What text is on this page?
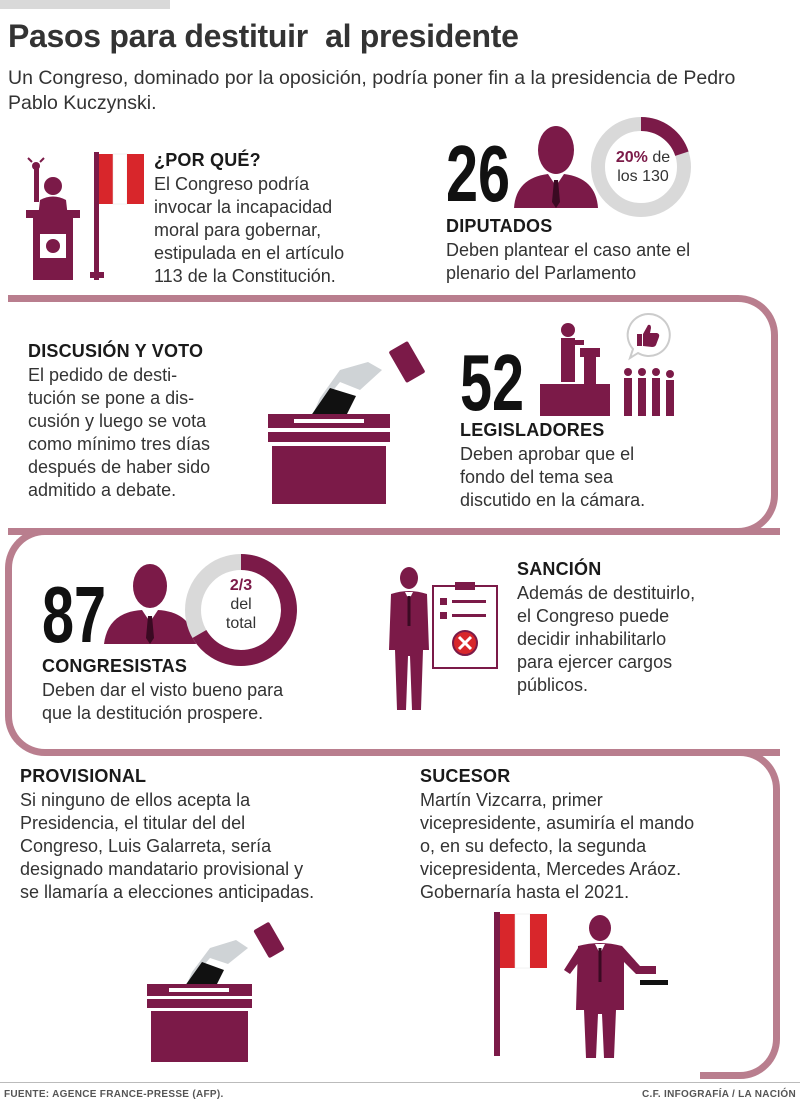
Pasos para destituir  al presidente

Un Congreso, dominado por la oposición, podría poner fin a la presidencia de Pedro Pablo Kuczynski.

¿POR QUÉ?
El Congreso podría
invocar la incapacidad
moral para gobernar,
estipulada en el artículo
113 de la Constitución.
26	20% de
los 130
DIPUTADOS
Deben plantear el caso ante el
plenario del Parlamento
DISCUSIÓN Y VOTO
El pedido de desti-
tución se pone a dis-
cusión y luego se vota
como mínimo tres días
después de haber sido
admitido a debate.
52
LEGISLADORES
Deben aprobar que el
fondo del tema sea
discutido en la cámara.
87	2/3
del
total
CONGRESISTAS
Deben dar el visto bueno para
que la destitución prospere.
SANCIÓN
Además de destituirlo,
el Congreso puede
decidir inhabilitarlo
para ejercer cargos
públicos.
PROVISIONAL
Si ninguno de ellos acepta la
Presidencia, el titular del del
Congreso, Luis Galarreta, sería
designado mandatario provisional y
se llamaría a elecciones anticipadas.
SUCESOR
Martín Vizcarra, primer
vicepresidente, asumiría el mando
o, en su defecto, la segunda
vicepresidenta, Mercedes Aráoz.
Gobernaría hasta el 2021.
FUENTE: AGENCE FRANCE-PRESSE (AFP).	C.F. INFOGRAFÍA / LA NACIÓN
